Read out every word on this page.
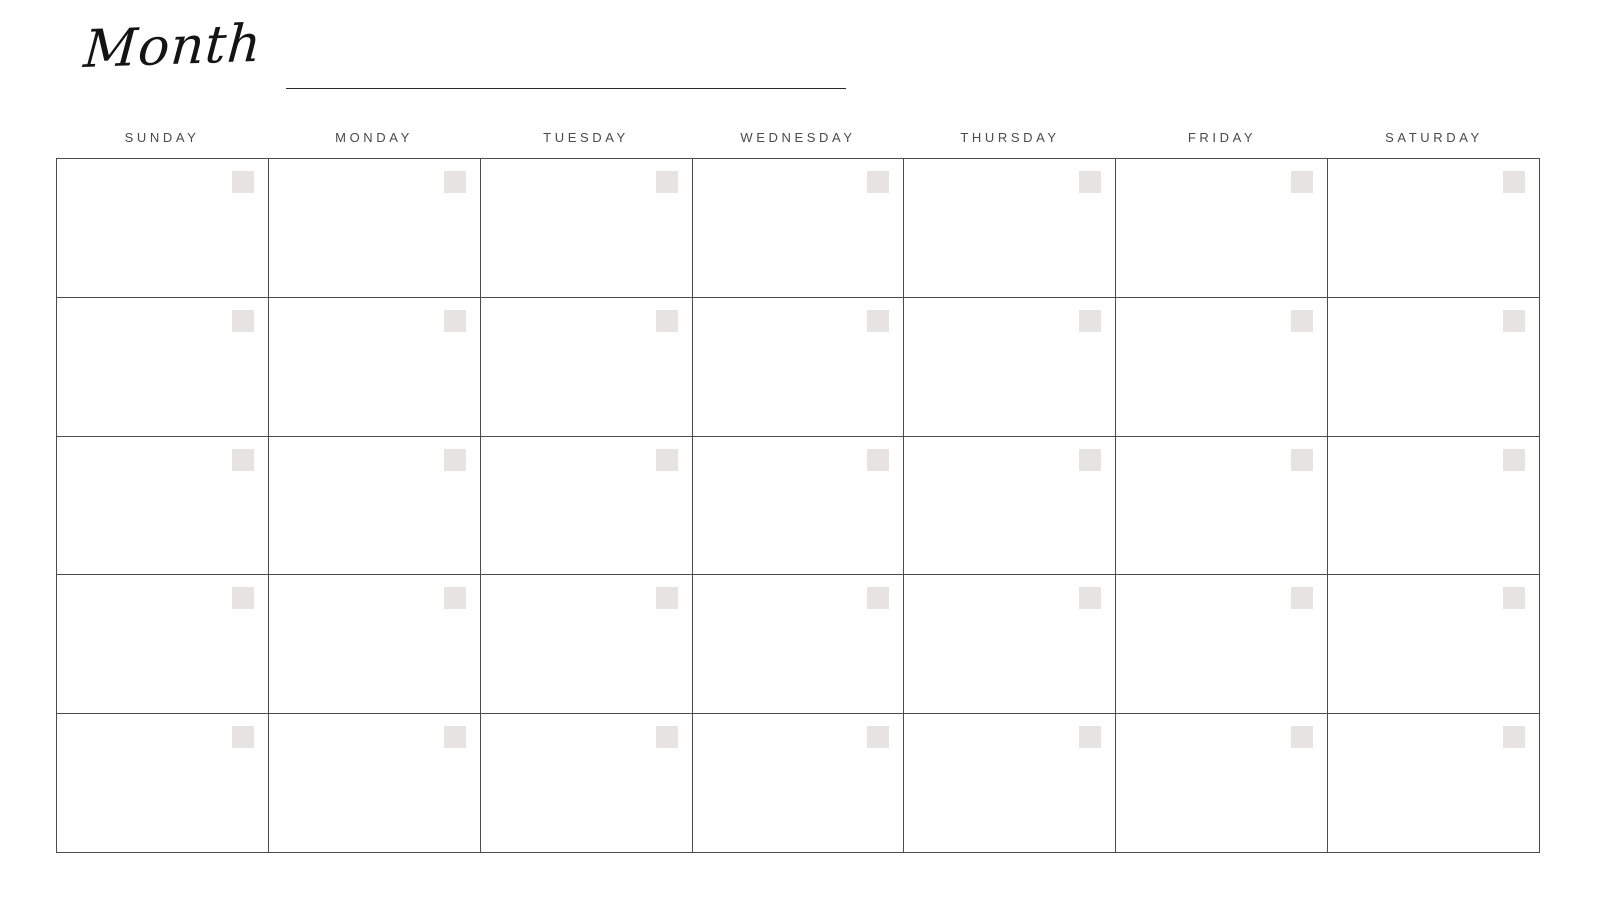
Month
SUNDAY	MONDAY	TUESDAY	WEDNESDAY	THURSDAY	FRIDAY	SATURDAY
